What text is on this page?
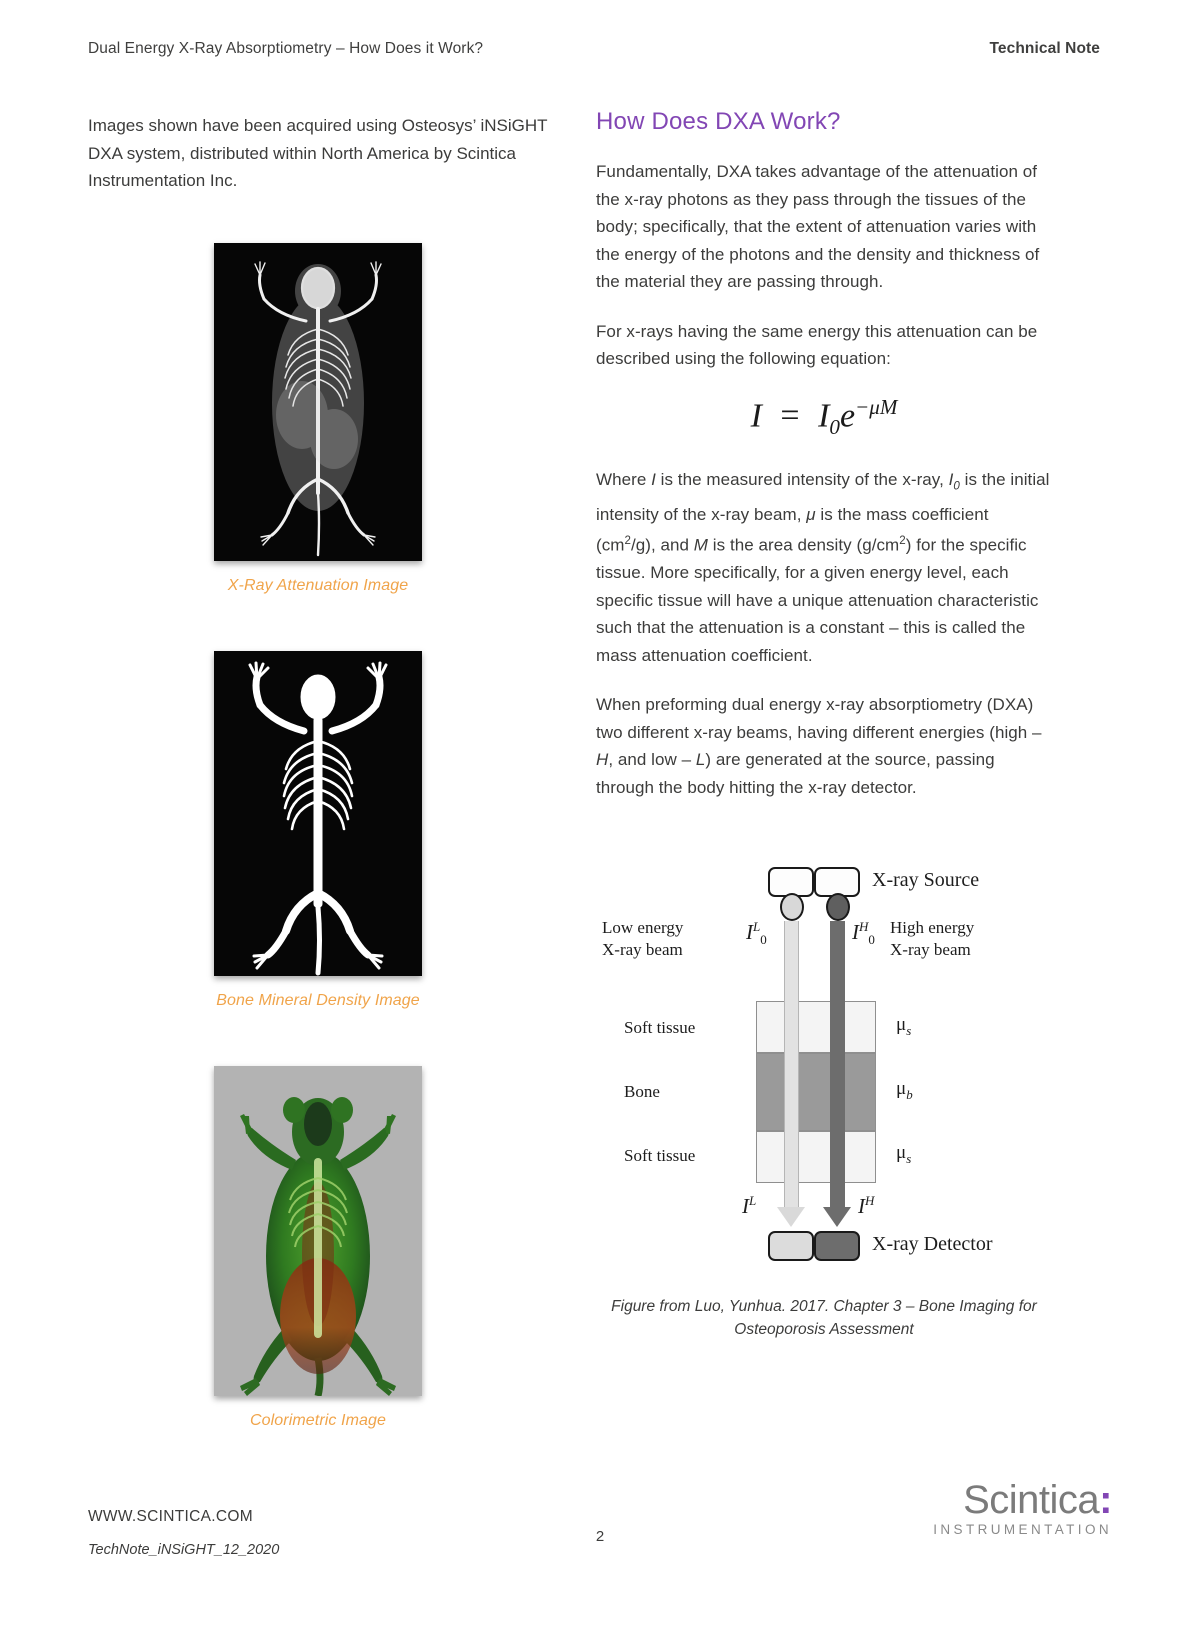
Dual Energy X-Ray Absorptiometry – How Does it Work?	Technical Note

Images shown have been acquired using Osteosys’ iNSiGHT DXA system, distributed within North America by Scintica Instrumentation Inc.

X-Ray Attenuation Image
Bone Mineral Density Image
Colorimetric Image
How Does DXA Work?

Fundamentally, DXA takes advantage of the attenuation of the x-ray photons as they pass through the tissues of the body; specifically, that the extent of attenuation varies with the energy of the photons and the density and thickness of the material they are passing through.

For x-rays having the same energy this attenuation can be described using the following equation:

$I = I_0e^{-\mu M}$

Where I is the measured intensity of the x-ray, $I_0$ is the initial intensity of the x-ray beam, μ is the mass coefficient $(cm^2/g)$, and M is the area density $(g/cm^2)$ for the specific tissue. More specifically, for a given energy level, each specific tissue will have a unique attenuation characteristic such that the attenuation is a constant – this is called the mass attenuation coefficient.

When preforming dual energy x-ray absorptiometry (DXA) two different x-ray beams, having different energies (high – H, and low – L) are generated at the source, passing through the body hitting the x-ray detector.

X-ray Source
Low energy
X-ray beam
$I^L_0$	$I^H_0$
High energy
X-ray beam
Soft tissue
Bone
Soft tissue
$\mu_s$
$\mu_b$
$\mu_s$
$I^L$	$I^H$
X-ray Detector
Figure from Luo, Yunhua. 2017. Chapter 3 – Bone Imaging for Osteoporosis Assessment
WWW.SCINTICA.COM
TechNote_iNSiGHT_12_2020
2
Scintica:
INSTRUMENTATION
